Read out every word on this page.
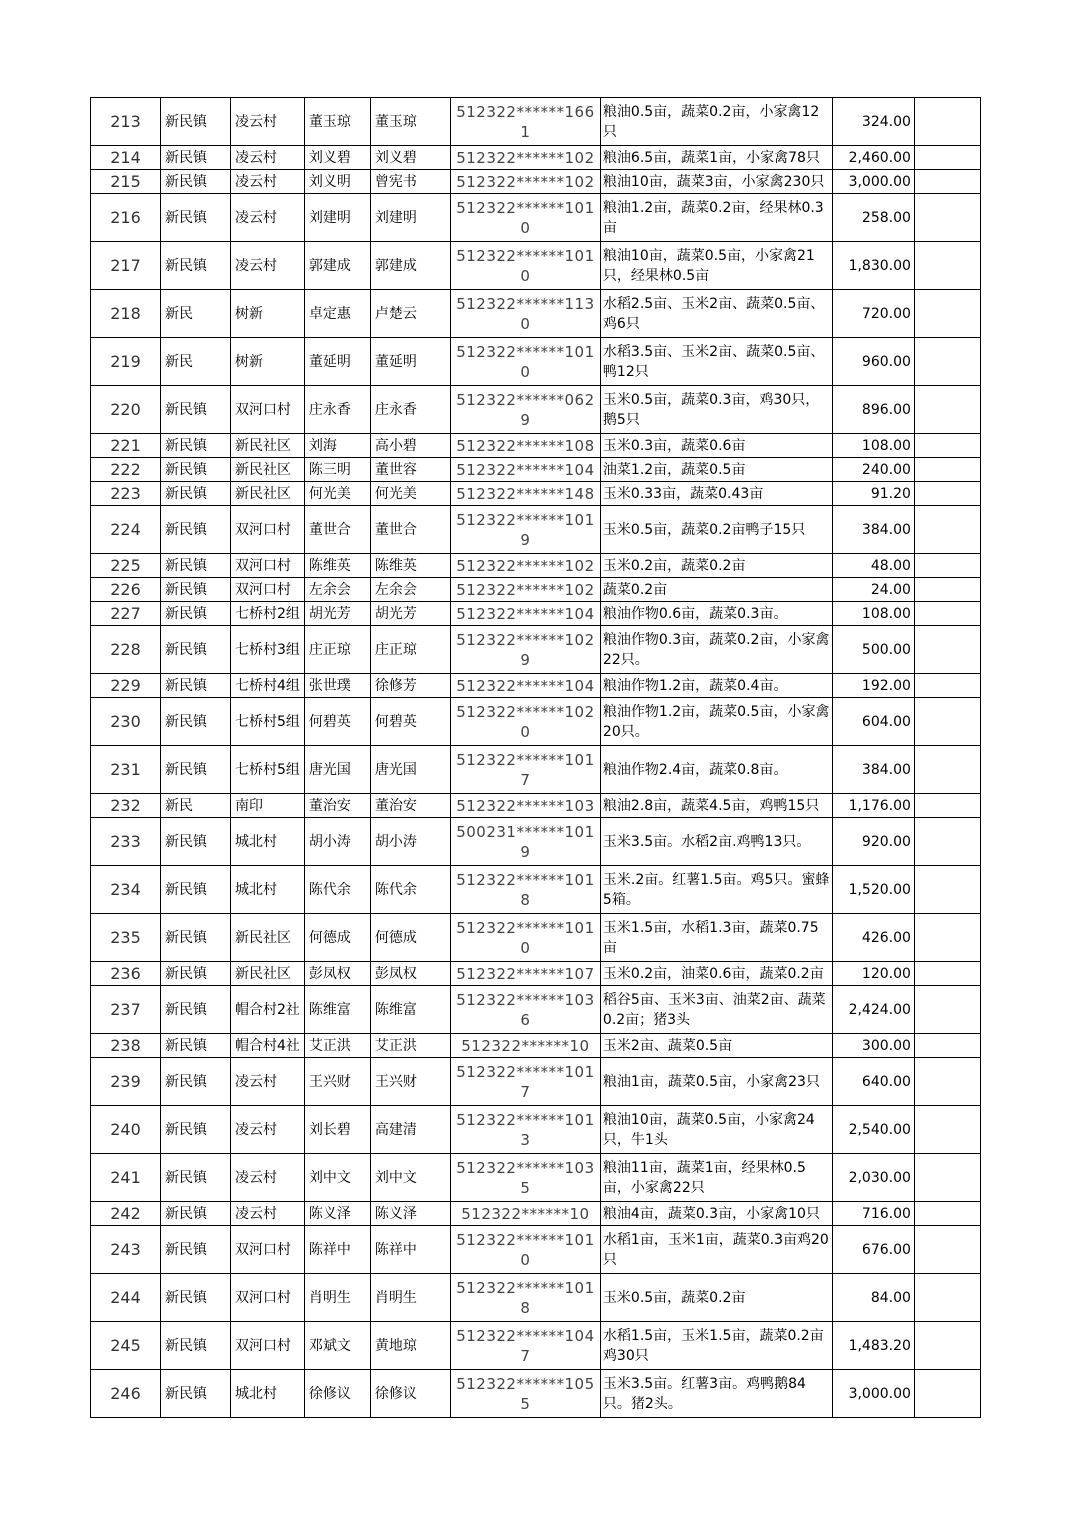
213	新民镇	凌云村	董玉琼	董玉琼	512322******1661	粮油0.5亩，蔬菜0.2亩，小家禽12只	324.00	
214	新民镇	凌云村	刘义碧	刘义碧	512322******102	粮油6.5亩，蔬菜1亩，小家禽78只	2,460.00	
215	新民镇	凌云村	刘义明	曾宪书	512322******102	粮油10亩，蔬菜3亩，小家禽230只	3,000.00	
216	新民镇	凌云村	刘建明	刘建明	512322******1010	粮油1.2亩，蔬菜0.2亩，经果林0.3亩	258.00	
217	新民镇	凌云村	郭建成	郭建成	512322******1010	粮油10亩，蔬菜0.5亩，小家禽21只，经果林0.5亩	1,830.00	
218	新民	树新	卓定惠	卢楚云	512322******1130	水稻2.5亩、玉米2亩、蔬菜0.5亩、鸡6只	720.00	
219	新民	树新	董延明	董延明	512322******1010	水稻3.5亩、玉米2亩、蔬菜0.5亩、鸭12只	960.00	
220	新民镇	双河口村	庄永香	庄永香	512322******0629	玉米0.5亩，蔬菜0.3亩，鸡30只，鹅5只	896.00	
221	新民镇	新民社区	刘海	高小碧	512322******108	玉米0.3亩，蔬菜0.6亩	108.00	
222	新民镇	新民社区	陈三明	董世容	512322******104	油菜1.2亩，蔬菜0.5亩	240.00	
223	新民镇	新民社区	何光美	何光美	512322******148	玉米0.33亩，蔬菜0.43亩	91.20	
224	新民镇	双河口村	董世合	董世合	512322******1019	玉米0.5亩，蔬菜0.2亩鸭子15只	384.00	
225	新民镇	双河口村	陈维英	陈维英	512322******102	玉米0.2亩，蔬菜0.2亩	48.00	
226	新民镇	双河口村	左余会	左余会	512322******102	蔬菜0.2亩	24.00	
227	新民镇	七桥村2组	胡光芳	胡光芳	512322******104	粮油作物0.6亩，蔬菜0.3亩。	108.00	
228	新民镇	七桥村3组	庄正琼	庄正琼	512322******1029	粮油作物0.3亩，蔬菜0.2亩，小家禽22只。	500.00	
229	新民镇	七桥村4组	张世璞	徐修芳	512322******104	粮油作物1.2亩，蔬菜0.4亩。	192.00	
230	新民镇	七桥村5组	何碧英	何碧英	512322******1020	粮油作物1.2亩，蔬菜0.5亩，小家禽20只。	604.00	
231	新民镇	七桥村5组	唐光国	唐光国	512322******1017	粮油作物2.4亩，蔬菜0.8亩。	384.00	
232	新民	南印	董治安	董治安	512322******103	粮油2.8亩，蔬菜4.5亩，鸡鸭15只	1,176.00	
233	新民镇	城北村	胡小涛	胡小涛	500231******1019	玉米3.5亩。水稻2亩.鸡鸭13只。	920.00	
234	新民镇	城北村	陈代余	陈代余	512322******1018	玉米.2亩。红薯1.5亩。鸡5只。蜜蜂5箱。	1,520.00	
235	新民镇	新民社区	何德成	何德成	512322******1010	玉米1.5亩，水稻1.3亩，蔬菜0.75亩	426.00	
236	新民镇	新民社区	彭凤权	彭凤权	512322******107	玉米0.2亩，油菜0.6亩，蔬菜0.2亩	120.00	
237	新民镇	帽合村2社	陈维富	陈维富	512322******1036	稻谷5亩、玉米3亩、油菜2亩、蔬菜0.2亩；猪3头	2,424.00	
238	新民镇	帽合村4社	艾正洪	艾正洪	512322******10	玉米2亩、蔬菜0.5亩	300.00	
239	新民镇	凌云村	王兴财	王兴财	512322******1017	粮油1亩，蔬菜0.5亩，小家禽23只	640.00	
240	新民镇	凌云村	刘长碧	高建清	512322******1013	粮油10亩，蔬菜0.5亩，小家禽24只，牛1头	2,540.00	
241	新民镇	凌云村	刘中文	刘中文	512322******1035	粮油11亩，蔬菜1亩，经果林0.5亩，小家禽22只	2,030.00	
242	新民镇	凌云村	陈义泽	陈义泽	512322******10	粮油4亩，蔬菜0.3亩，小家禽10只	716.00	
243	新民镇	双河口村	陈祥中	陈祥中	512322******1010	水稻1亩，玉米1亩，蔬菜0.3亩鸡20只	676.00	
244	新民镇	双河口村	肖明生	肖明生	512322******1018	玉米0.5亩，蔬菜0.2亩	84.00	
245	新民镇	双河口村	邓斌文	黄地琼	512322******1047	水稻1.5亩，玉米1.5亩，蔬菜0.2亩鸡30只	1,483.20	
246	新民镇	城北村	徐修议	徐修议	512322******1055	玉米3.5亩。红薯3亩。鸡鸭鹅84只。猪2头。	3,000.00	
